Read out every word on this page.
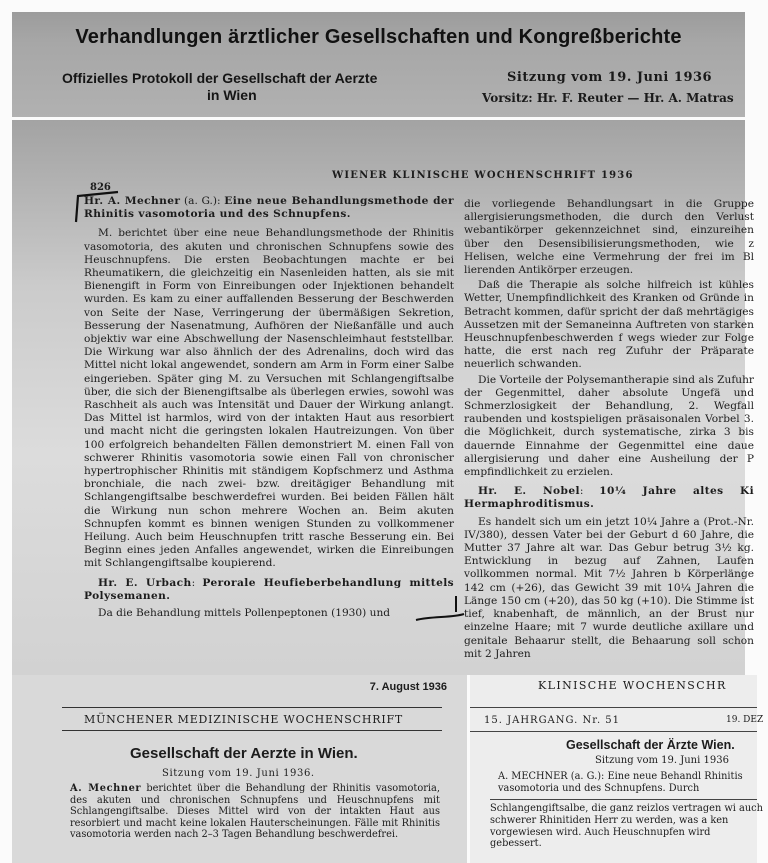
Verhandlungen ärztlicher Gesellschaften und Kongreßberichte
Offizielles Protokoll der Gesellschaft der Aerzte
in Wien
Sitzung vom 19. Juni 1936
Vorsitz: Hr. F. Reuter — Hr. A. Matras
826
WIENER KLINISCHE WOCHENSCHRIFT 1936

Hr. A. Mechner (a. G.): Eine neue Behandlungsmethode der Rhinitis vasomotoria und des Schnupfens.

M. berichtet über eine neue Behandlungsmethode der Rhinitis vasomotoria, des akuten und chronischen Schnupfens sowie des Heuschnupfens. Die ersten Beobachtungen machte er bei Rheumatikern, die gleichzeitig ein Nasenleiden hatten, als sie mit Bienengift in Form von Einreibungen oder Injektionen behandelt wurden. Es kam zu einer auffallenden Besserung der Beschwerden von Seite der Nase, Verringerung der übermäßigen Sekretion, Besserung der Nasenatmung, Aufhören der Nießanfälle und auch objektiv war eine Abschwellung der Nasenschleimhaut feststellbar. Die Wirkung war also ähnlich der des Adrenalins, doch wird das Mittel nicht lokal angewendet, sondern am Arm in Form einer Salbe eingerieben. Später ging M. zu Versuchen mit Schlangengiftsalbe über, die sich der Bienengiftsalbe als überlegen erwies, sowohl was Raschheit als auch was Intensität und Dauer der Wirkung anlangt. Das Mittel ist harmlos, wird von der intakten Haut aus resorbiert und macht nicht die geringsten lokalen Hautreizungen. Von über 100 erfolgreich behandelten Fällen demonstriert M. einen Fall von schwerer Rhinitis vasomotoria sowie einen Fall von chronischer hypertrophischer Rhinitis mit ständigem Kopfschmerz und Asthma bronchiale, die nach zwei- bzw. dreitägiger Behandlung mit Schlangengiftsalbe beschwerdefrei wurden. Bei beiden Fällen hält die Wirkung nun schon mehrere Wochen an. Beim akuten Schnupfen kommt es binnen wenigen Stunden zu vollkommener Heilung. Auch beim Heuschnupfen tritt rasche Besserung ein. Bei Beginn eines jeden Anfalles angewendet, wirken die Einreibungen mit Schlangengiftsalbe koupierend.

Hr. E. Urbach: Perorale Heufieberbehandlung mittels Polysemanen.

Da die Behandlung mittels Pollenpeptonen (1930) und

die vorliegende Behandlungsart in die Gruppe allergisierungsmethoden, die durch den Verlust webantikörper gekennzeichnet sind, einzureihen über den Desensibilisierungsmethoden, wie z Helisen, welche eine Vermehrung der frei im Bl lierenden Antikörper erzeugen.

Daß die Therapie als solche hilfreich ist kühles Wetter, Unempfindlichkeit des Kranken od Gründe in Betracht kommen, dafür spricht der daß mehrtägiges Aussetzen mit der Semaneinna Auftreten von starken Heuschnupfenbeschwerden f wegs wieder zur Folge hatte, die erst nach reg Zufuhr der Präparate neuerlich schwanden.

Die Vorteile der Polysemantherapie sind als Zufuhr der Gegenmittel, daher absolute Ungefä und Schmerzlosigkeit der Behandlung, 2. Wegfall raubenden und kostspieligen präsaisonalen Vorbel 3. die Möglichkeit, durch systematische, zirka 3 bis dauernde Einnahme der Gegenmittel eine daue allergisierung und daher eine Ausheilung der P empfindlichkeit zu erzielen.

Hr. E. Nobel: 10¼ Jahre altes Ki Hermaphroditismus.

Es handelt sich um ein jetzt 10¼ Jahre a (Prot.-Nr. IV/380), dessen Vater bei der Geburt d 60 Jahre, die Mutter 37 Jahre alt war. Das Gebur betrug 3½ kg. Entwicklung in bezug auf Zahnen, Laufen vollkommen normal. Mit 7½ Jahren b Körperlänge 142 cm (+26), das Gewicht 39 mit 10¼ Jahren die Länge 150 cm (+20), das 50 kg (+10). Die Stimme ist tief, knabenhaft, de männlich, an der Brust nur einzelne Haare; mit 7 wurde deutliche axillare und genitale Behaarur stellt, die Behaarung soll schon mit 2 Jahren

7. August 1936
MÜNCHENER MEDIZINISCHE WOCHENSCHRIFT
Gesellschaft der Aerzte in Wien.
Sitzung vom 19. Juni 1936.
A. Mechner berichtet über die Behandlung der Rhinitis vasomotoria, des akuten und chronischen Schnupfens und Heuschnupfens mit Schlangengiftsalbe. Dieses Mittel wird von der intakten Haut aus resorbiert und macht keine lokalen Hauterscheinungen. Fälle mit Rhinitis vasomotoria werden nach 2–3 Tagen Behandlung beschwerdefrei.
KLINISCHE WOCHENSCHR
15. JAHRGANG. Nr. 51	19. DEZ
Gesellschaft der Ärzte Wien.
Sitzung vom 19. Juni 1936
A. MECHNER (a. G.): Eine neue Behandl Rhinitis vasomotoria und des Schnupfens. Durch
Schlangengiftsalbe, die ganz reizlos vertragen wi auch schwerer Rhinitiden Herr zu werden, was a ken vorgewiesen wird. Auch Heuschnupfen wird gebessert.
